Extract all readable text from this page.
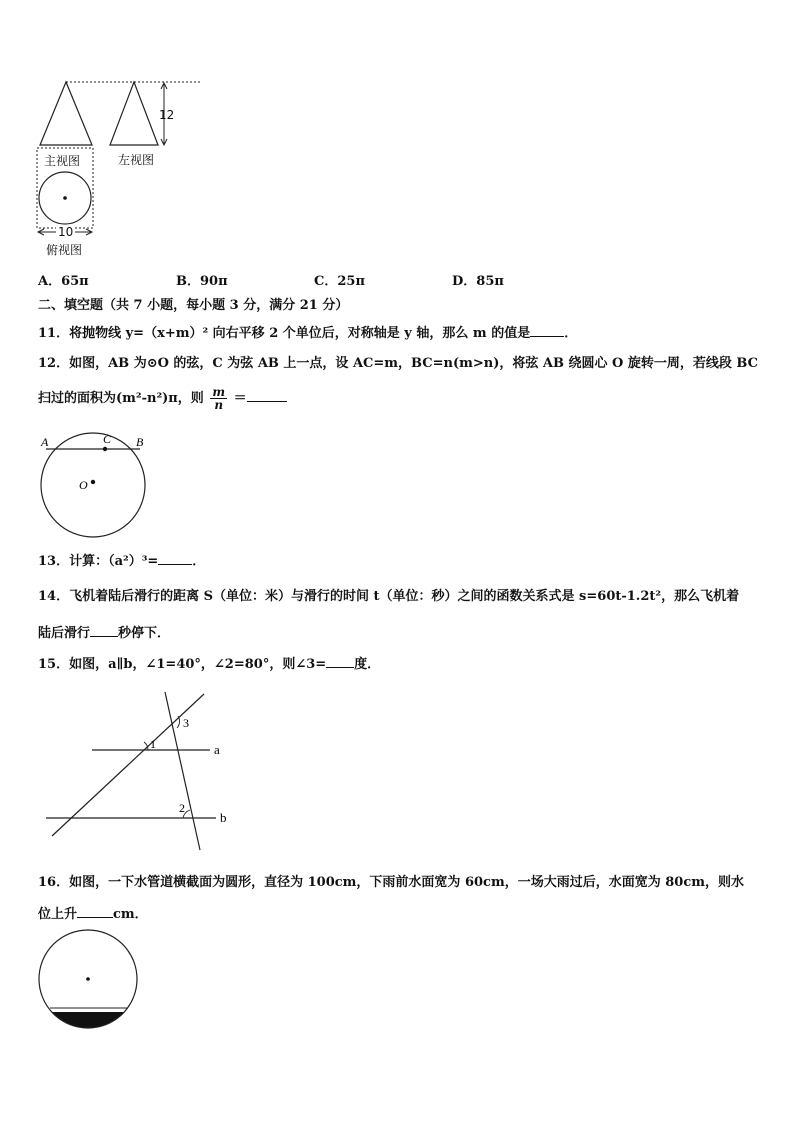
12
主视图	左视图
10
俯视图
A．65π	B．90π	C．25π	D．85π
二、填空题（共 7 小题，每小题 3 分，满分 21 分）
11．将抛物线 y=（x+m）² 向右平移 2 个单位后，对称轴是 y 轴，那么 m 的值是	．
12．如图，AB 为⊙O 的弦，C 为弦 AB 上一点，设 AC=m，BC=n(m>n)，将弦 AB 绕圆心 O 旋转一周，若线段 BC
扫过的面积为(m²-n²)π，则 $\frac{m}{n}$ ＝
A	C B
O
13．计算：（a²）³=	．
14．飞机着陆后滑行的距离 S（单位：米）与滑行的时间 t（单位：秒）之间的函数关系式是 s=60t-1.2t²，那么飞机着
陆后滑行 秒停下．
15．如图，a∥b，∠1=40°，∠2=80°，则∠3= 度．
1
2
3
a
b
16．如图，一下水管道横截面为圆形，直径为 100cm，下雨前水面宽为 60cm，一场大雨过后，水面宽为 80cm，则水
位上升	cm．
